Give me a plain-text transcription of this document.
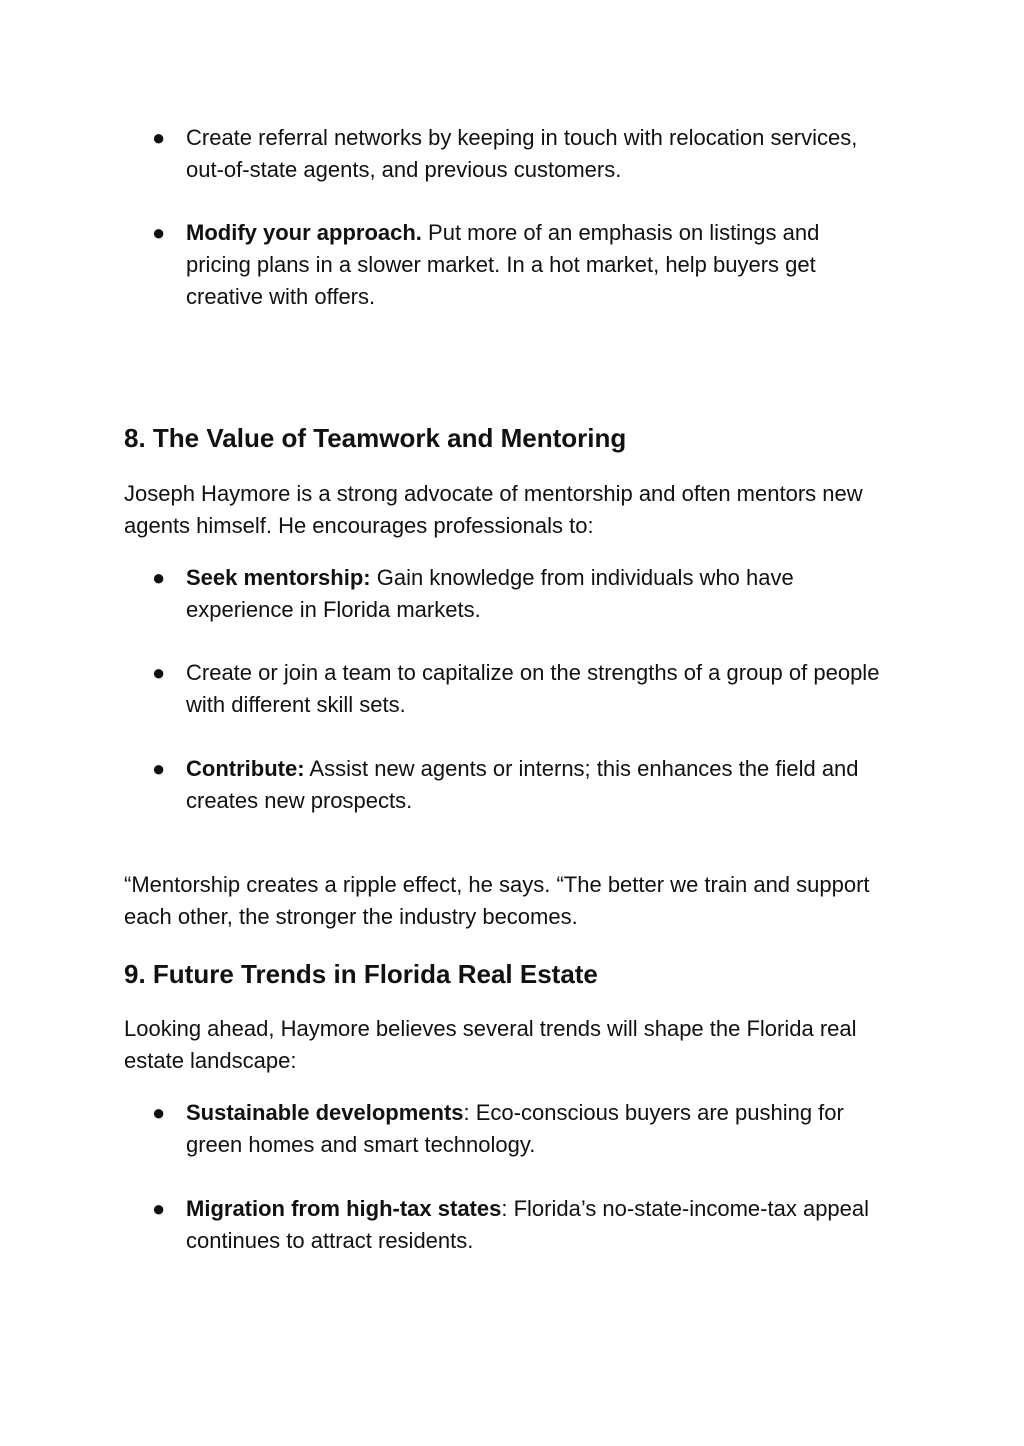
● Create referral networks by keeping in touch with relocation services, out-of-state agents, and previous customers.
● Modify your approach. Put more of an emphasis on listings and pricing plans in a slower market. In a hot market, help buyers get creative with offers.
8. The Value of Teamwork and Mentoring

Joseph Haymore is a strong advocate of mentorship and often mentors new agents himself. He encourages professionals to:

● Seek mentorship: Gain knowledge from individuals who have experience in Florida markets.
● Create or join a team to capitalize on the strengths of a group of people with different skill sets.
● Contribute: Assist new agents or interns; this enhances the field and creates new prospects.

“Mentorship creates a ripple effect, he says. “The better we train and support each other, the stronger the industry becomes.

9. Future Trends in Florida Real Estate

Looking ahead, Haymore believes several trends will shape the Florida real estate landscape:

● Sustainable developments: Eco-conscious buyers are pushing for green homes and smart technology.
● Migration from high-tax states: Florida’s no-state-income-tax appeal continues to attract residents.
